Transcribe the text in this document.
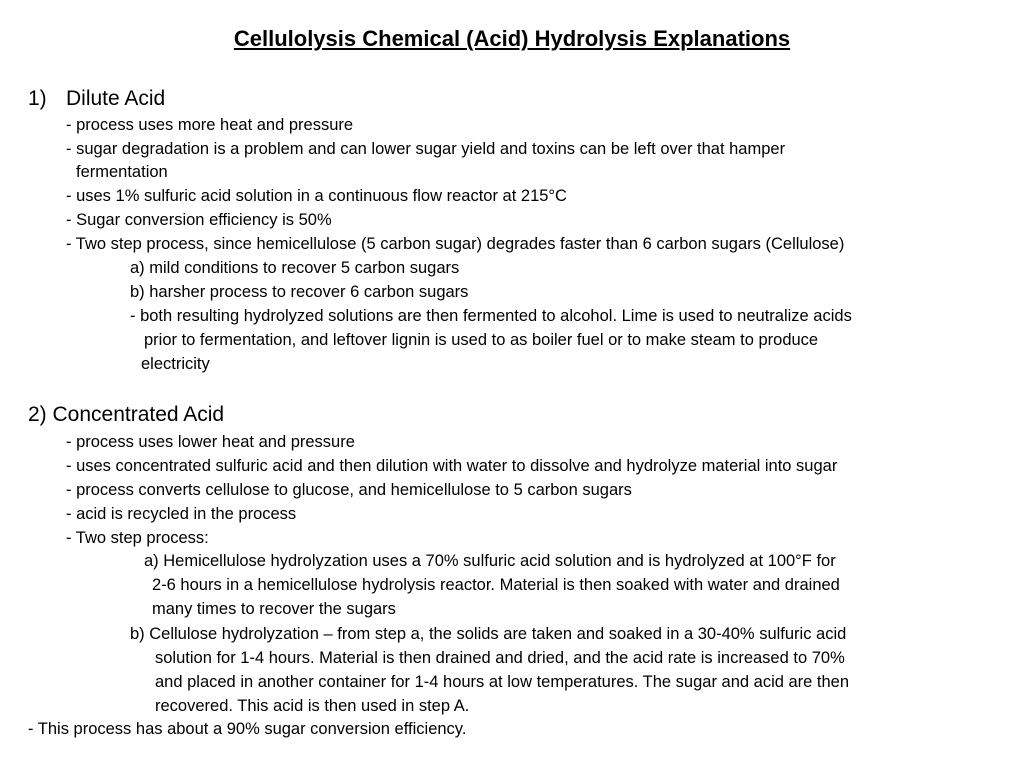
Cellulolysis Chemical (Acid) Hydrolysis Explanations
1) Dilute Acid
- process uses more heat and pressure
- sugar degradation is a problem and can lower sugar yield and toxins can be left over that hamper
fermentation
- uses 1% sulfuric acid solution in a continuous flow reactor at 215°C
- Sugar conversion efficiency is 50%
- Two step process, since hemicellulose (5 carbon sugar) degrades faster than 6 carbon sugars (Cellulose)
a) mild conditions to recover 5 carbon sugars
b) harsher process to recover 6 carbon sugars
- both resulting hydrolyzed solutions are then fermented to alcohol. Lime is used to neutralize acids
prior to fermentation, and leftover lignin is used to as boiler fuel or to make steam to produce
electricity
2) Concentrated Acid
- process uses lower heat and pressure
- uses concentrated sulfuric acid and then dilution with water to dissolve and hydrolyze material into sugar
- process converts cellulose to glucose, and hemicellulose to 5 carbon sugars
- acid is recycled in the process
- Two step process:
a) Hemicellulose hydrolyzation uses a 70% sulfuric acid solution and is hydrolyzed at 100°F for
2-6 hours in a hemicellulose hydrolysis reactor. Material is then soaked with water and drained
many times to recover the sugars
b) Cellulose hydrolyzation – from step a, the solids are taken and soaked in a 30-40% sulfuric acid
solution for 1-4 hours. Material is then drained and dried, and the acid rate is increased to 70%
and placed in another container for 1-4 hours at low temperatures. The sugar and acid are then
recovered. This acid is then used in step A.
- This process has about a 90% sugar conversion efficiency.
